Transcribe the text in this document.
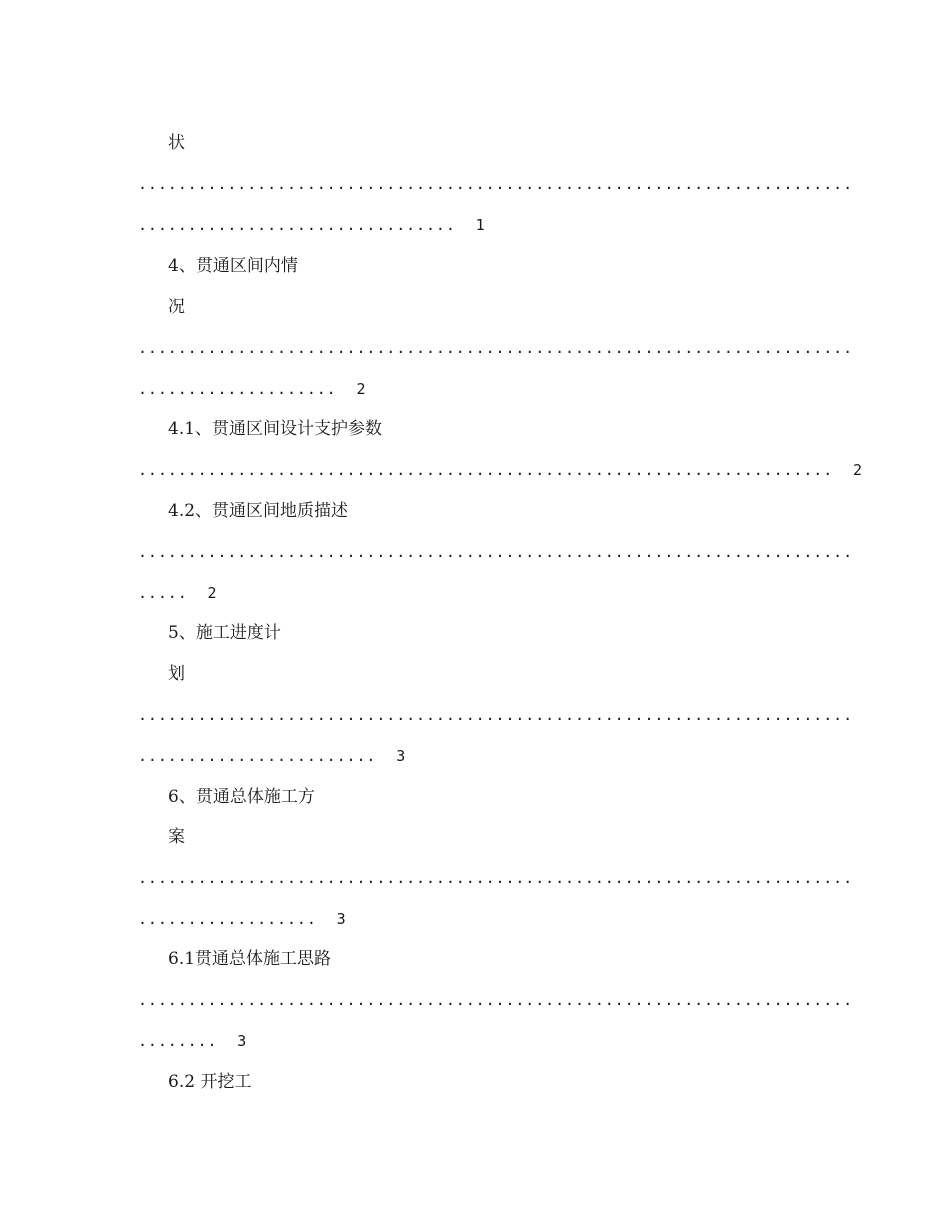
状
........................................................................
................................  1
4、贯通区间内情
况
........................................................................
....................  2
4.1、贯通区间设计支护参数
......................................................................  2
4.2、贯通区间地质描述
........................................................................
.....  2
5、施工进度计
划
........................................................................
........................  3
6、贯通总体施工方
案
........................................................................
..................  3
6.1贯通总体施工思路
........................................................................
........  3
6.2 开挖工
